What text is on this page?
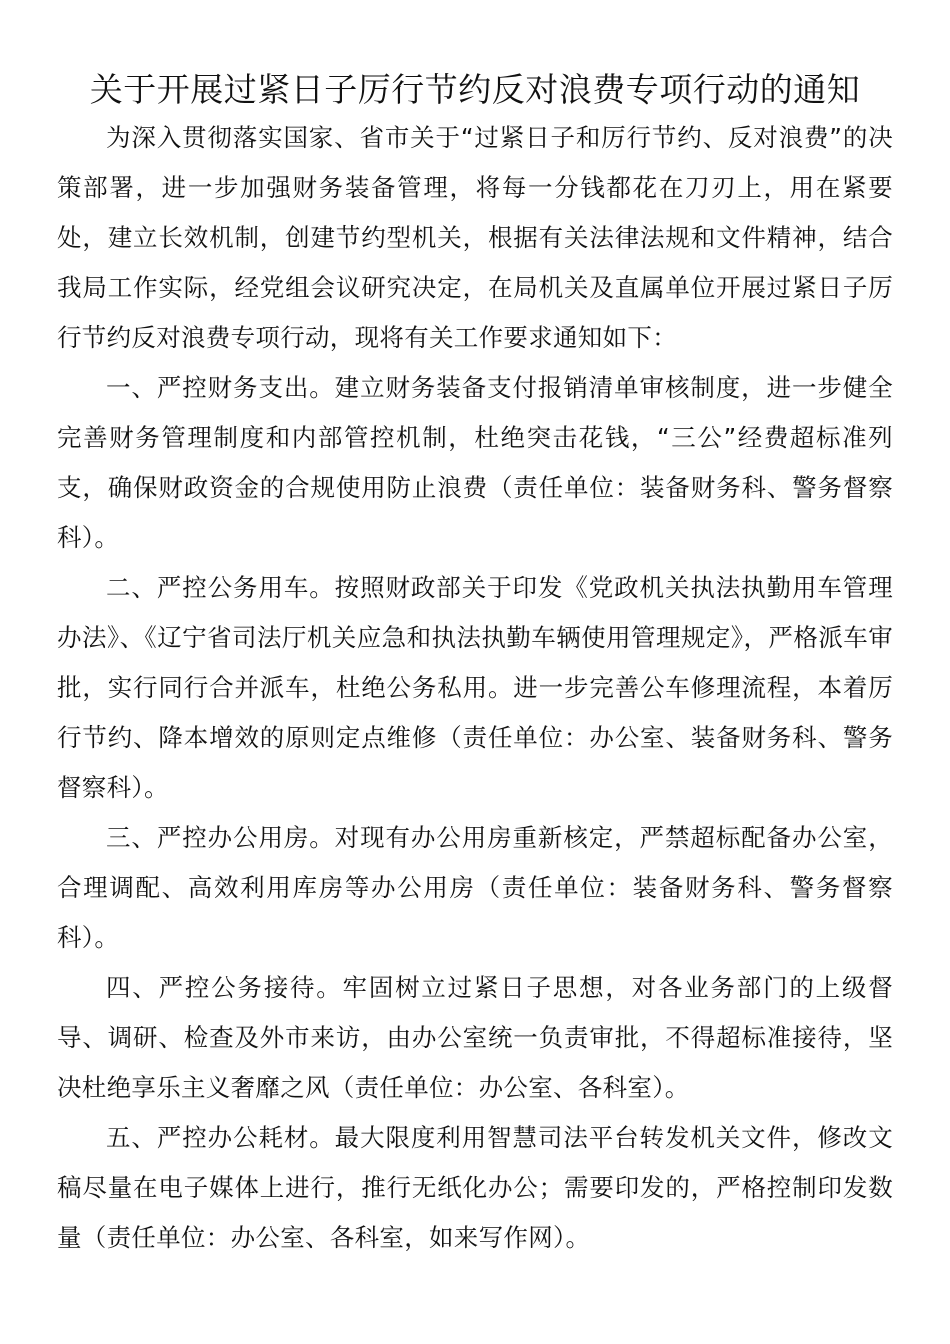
关于开展过紧日子厉行节约反对浪费专项行动的通知

为深入贯彻落实国家、省市关于“过紧日子和厉行节约、反对浪费”的决策部署，进一步加强财务装备管理，将每一分钱都花在刀刃上，用在紧要处，建立长效机制，创建节约型机关，根据有关法律法规和文件精神，结合我局工作实际，经党组会议研究决定，在局机关及直属单位开展过紧日子厉行节约反对浪费专项行动，现将有关工作要求通知如下：

一、严控财务支出。建立财务装备支付报销清单审核制度，进一步健全完善财务管理制度和内部管控机制，杜绝突击花钱，“三公”经费超标准列支，确保财政资金的合规使用防止浪费（责任单位：装备财务科、警务督察科）。

二、严控公务用车。按照财政部关于印发《党政机关执法执勤用车管理办法》、《辽宁省司法厅机关应急和执法执勤车辆使用管理规定》，严格派车审批，实行同行合并派车，杜绝公务私用。进一步完善公车修理流程，本着厉行节约、降本增效的原则定点维修（责任单位：办公室、装备财务科、警务督察科）。

三、严控办公用房。对现有办公用房重新核定，严禁超标配备办公室，合理调配、高效利用库房等办公用房（责任单位：装备财务科、警务督察科）。

四、严控公务接待。牢固树立过紧日子思想，对各业务部门的上级督导、调研、检查及外市来访，由办公室统一负责审批，不得超标准接待，坚决杜绝享乐主义奢靡之风（责任单位：办公室、各科室）。

五、严控办公耗材。最大限度利用智慧司法平台转发机关文件，修改文稿尽量在电子媒体上进行，推行无纸化办公；需要印发的，严格控制印发数量（责任单位：办公室、各科室，如来写作网）。
